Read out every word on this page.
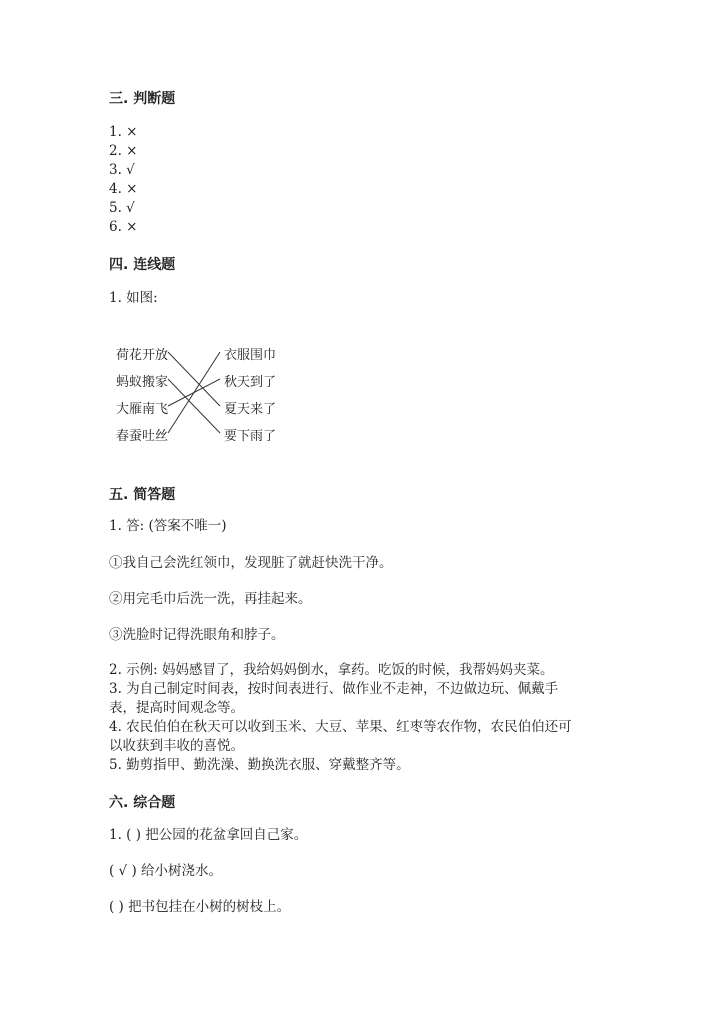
三. 判断题
1. ×
2. ×
3. √
4. ×
5. √
6. ×
四. 连线题
1. 如图:
荷花开放
蚂蚁搬家
大雁南飞
春蚕吐丝
衣服围巾
秋天到了
夏天来了
要下雨了
五. 简答题
1. 答: (答案不唯一)
①我自己会洗红领巾，发现脏了就赶快洗干净。
②用完毛巾后洗一洗，再挂起来。
③洗脸时记得洗眼角和脖子。
2. 示例: 妈妈感冒了，我给妈妈倒水，拿药。吃饭的时候，我帮妈妈夹菜。
3. 为自己制定时间表，按时间表进行、做作业不走神，不边做边玩、佩戴手
表，提高时间观念等。
4. 农民伯伯在秋天可以收到玉米、大豆、苹果、红枣等农作物，农民伯伯还可
以收获到丰收的喜悦。
5. 勤剪指甲、勤洗澡、勤换洗衣服、穿戴整齐等。
六. 综合题
1. ( ) 把公园的花盆拿回自己家。
( √ ) 给小树浇水。
( ) 把书包挂在小树的树枝上。
